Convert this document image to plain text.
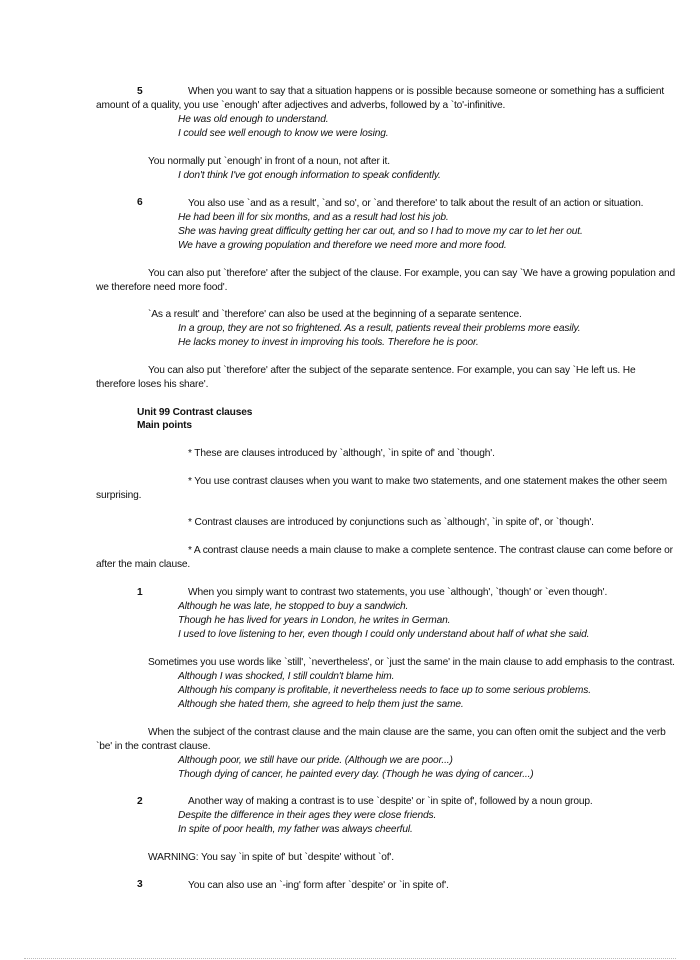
5	When you want to say that a situation happens or is possible because someone or something has a sufficient
amount of a quality, you use `enough' after adjectives and adverbs, followed by a `to'-infinitive.
He was old enough to understand.
I could see well enough to know we were losing.
You normally put `enough' in front of a noun, not after it.
I don't think I've got enough information to speak confidently.
6	You also use `and as a result', `and so', or `and therefore' to talk about the result of an action or situation.
He had been ill for six months, and as a result had lost his job.
She was having great difficulty getting her car out, and so I had to move my car to let her out.
We have a growing population and therefore we need more and more food.
You can also put `therefore' after the subject of the clause. For example, you can say `We have a growing population and
we therefore need more food'.
`As a result' and `therefore' can also be used at the beginning of a separate sentence.
In a group, they are not so frightened. As a result, patients reveal their problems more easily.
He lacks money to invest in improving his tools. Therefore he is poor.
You can also put `therefore' after the subject of the separate sentence. For example, you can say `He left us. He
therefore loses his share'.
Unit 99 Contrast clauses
Main points
* These are clauses introduced by `although', `in spite of' and `though'.
* You use contrast clauses when you want to make two statements, and one statement makes the other seem
surprising.
* Contrast clauses are introduced by conjunctions such as `although', `in spite of', or `though'.
* A contrast clause needs a main clause to make a complete sentence. The contrast clause can come before or
after the main clause.
1	When you simply want to contrast two statements, you use `although', `though' or `even though'.
Although he was late, he stopped to buy a sandwich.
Though he has lived for years in London, he writes in German.
I used to love listening to her, even though I could only understand about half of what she said.
Sometimes you use words like `still', `nevertheless', or `just the same' in the main clause to add emphasis to the contrast.
Although I was shocked, I still couldn't blame him.
Although his company is profitable, it nevertheless needs to face up to some serious problems.
Although she hated them, she agreed to help them just the same.
When the subject of the contrast clause and the main clause are the same, you can often omit the subject and the verb
`be' in the contrast clause.
Although poor, we still have our pride. (Although we are poor...)
Though dying of cancer, he painted every day. (Though he was dying of cancer...)
2	Another way of making a contrast is to use `despite' or `in spite of', followed by a noun group.
Despite the difference in their ages they were close friends.
In spite of poor health, my father was always cheerful.
WARNING: You say `in spite of' but `despite' without `of'.
3	You can also use an `-ing' form after `despite' or `in spite of'.
